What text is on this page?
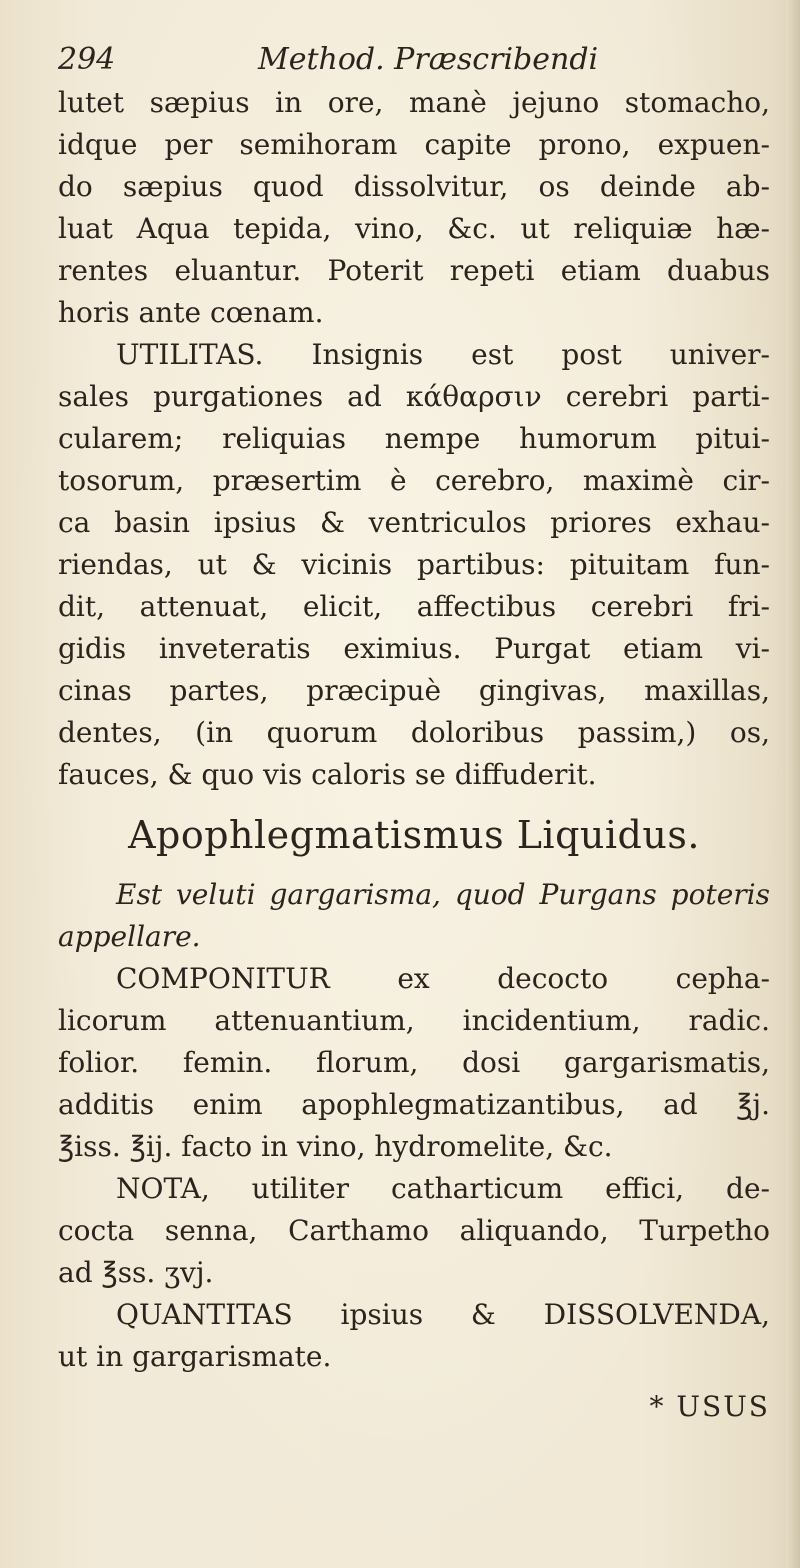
294	Method. Præscribendi
lutet sæpius in ore, manè jejuno stomacho,
idque per semihoram capite prono, expuen-
do sæpius quod dissolvitur, os deinde ab-
luat Aqua tepida, vino, &c. ut reliquiæ hæ-
rentes eluantur. Poterit repeti etiam duabus
horis ante cœnam.
UTILITAS. Insignis est post univer-
sales purgationes ad κάθαρσιν cerebri parti-
cularem; reliquias nempe humorum pitui-
tosorum, præsertim è cerebro, maximè cir-
ca basin ipsius & ventriculos priores exhau-
riendas, ut & vicinis partibus: pituitam fun-
dit, attenuat, elicit, affectibus cerebri fri-
gidis inveteratis eximius. Purgat etiam vi-
cinas partes, præcipuè gingivas, maxillas,
dentes, (in quorum doloribus passim,) os,
fauces, & quo vis caloris se diffuderit.
Apophlegmatismus Liquidus.
Est veluti gargarisma, quod Purgans poteris
appellare.
COMPONITUR ex decocto cepha-
licorum attenuantium, incidentium, radic.
folior. femin. florum, dosi gargarismatis,
additis enim apophlegmatizantibus, ad ℥j.
℥iss. ℥ij. facto in vino, hydromelite, &c.
NOTA, utiliter catharticum effici, de-
cocta senna, Carthamo aliquando, Turpetho
ad ℥ss. ʒvj.
QUANTITAS ipsius & DISSOLVENDA,
ut in gargarismate.
* USUS
